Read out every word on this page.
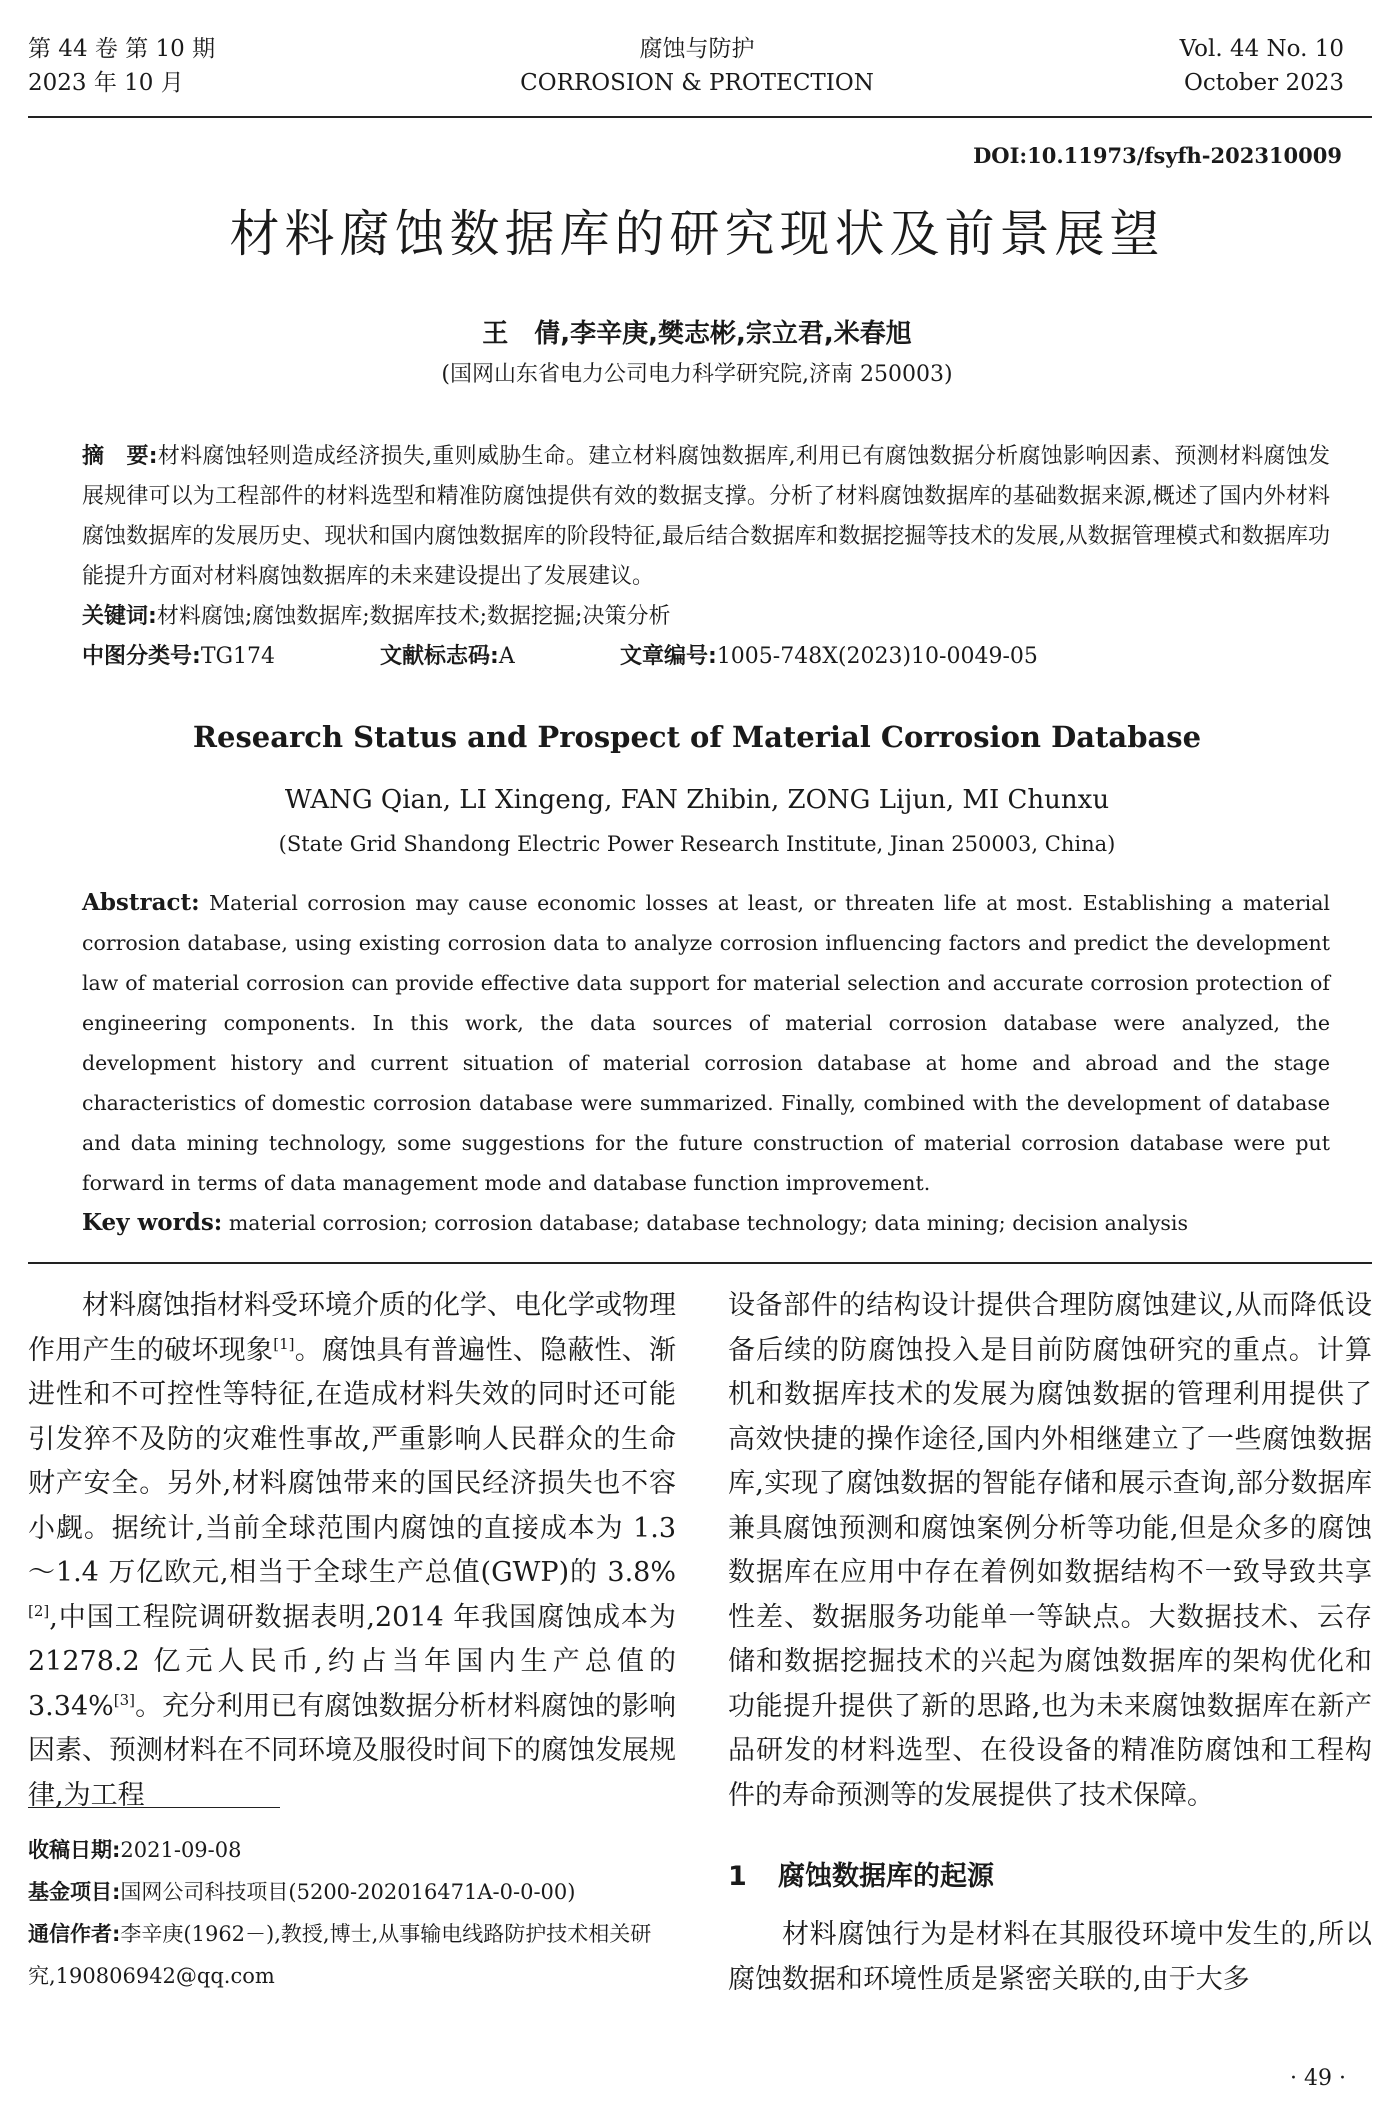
第 44 卷 第 10 期
2023 年 10 月
腐蚀与防护
CORROSION & PROTECTION
Vol. 44 No. 10
October 2023
DOI:10.11973/fsyfh-202310009
材料腐蚀数据库的研究现状及前景展望
王　倩,李辛庚,樊志彬,宗立君,米春旭
(国网山东省电力公司电力科学研究院,济南 250003)
摘　要:材料腐蚀轻则造成经济损失,重则威胁生命。建立材料腐蚀数据库,利用已有腐蚀数据分析腐蚀影响因素、预测材料腐蚀发展规律可以为工程部件的材料选型和精准防腐蚀提供有效的数据支撑。分析了材料腐蚀数据库的基础数据来源,概述了国内外材料腐蚀数据库的发展历史、现状和国内腐蚀数据库的阶段特征,最后结合数据库和数据挖掘等技术的发展,从数据管理模式和数据库功能提升方面对材料腐蚀数据库的未来建设提出了发展建议。
关键词:材料腐蚀;腐蚀数据库;数据库技术;数据挖掘;决策分析
中图分类号:TG174	文献标志码:A	文章编号:1005-748X(2023)10-0049-05
Research Status and Prospect of Material Corrosion Database
WANG Qian, LI Xingeng, FAN Zhibin, ZONG Lijun, MI Chunxu
(State Grid Shandong Electric Power Research Institute, Jinan 250003, China)
Abstract: Material corrosion may cause economic losses at least, or threaten life at most. Establishing a material corrosion database, using existing corrosion data to analyze corrosion influencing factors and predict the development law of material corrosion can provide effective data support for material selection and accurate corrosion protection of engineering components. In this work, the data sources of material corrosion database were analyzed, the development history and current situation of material corrosion database at home and abroad and the stage characteristics of domestic corrosion database were summarized. Finally, combined with the development of database and data mining technology, some suggestions for the future construction of material corrosion database were put forward in terms of data management mode and database function improvement.
Key words: material corrosion; corrosion database; database technology; data mining; decision analysis
材料腐蚀指材料受环境介质的化学、电化学或物理作用产生的破坏现象[1]。腐蚀具有普遍性、隐蔽性、渐进性和不可控性等特征,在造成材料失效的同时还可能引发猝不及防的灾难性事故,严重影响人民群众的生命财产安全。另外,材料腐蚀带来的国民经济损失也不容小觑。据统计,当前全球范围内腐蚀的直接成本为 1.3～1.4 万亿欧元,相当于全球生产总值(GWP)的 3.8%[2],中国工程院调研数据表明,2014 年我国腐蚀成本为 21278.2 亿元人民币,约占当年国内生产总值的 3.34%[3]。充分利用已有腐蚀数据分析材料腐蚀的影响因素、预测材料在不同环境及服役时间下的腐蚀发展规律,为工程
设备部件的结构设计提供合理防腐蚀建议,从而降低设备后续的防腐蚀投入是目前防腐蚀研究的重点。计算机和数据库技术的发展为腐蚀数据的管理利用提供了高效快捷的操作途径,国内外相继建立了一些腐蚀数据库,实现了腐蚀数据的智能存储和展示查询,部分数据库兼具腐蚀预测和腐蚀案例分析等功能,但是众多的腐蚀数据库在应用中存在着例如数据结构不一致导致共享性差、数据服务功能单一等缺点。大数据技术、云存储和数据挖掘技术的兴起为腐蚀数据库的架构优化和功能提升提供了新的思路,也为未来腐蚀数据库在新产品研发的材料选型、在役设备的精准防腐蚀和工程构件的寿命预测等的发展提供了技术保障。
1 腐蚀数据库的起源
材料腐蚀行为是材料在其服役环境中发生的,所以腐蚀数据和环境性质是紧密关联的,由于大多
收稿日期:2021-09-08
基金项目:国网公司科技项目(5200-202016471A-0-0-00)
通信作者:李辛庚(1962－),教授,博士,从事输电线路防护技术相关研究,190806942@qq.com
· 49 ·
